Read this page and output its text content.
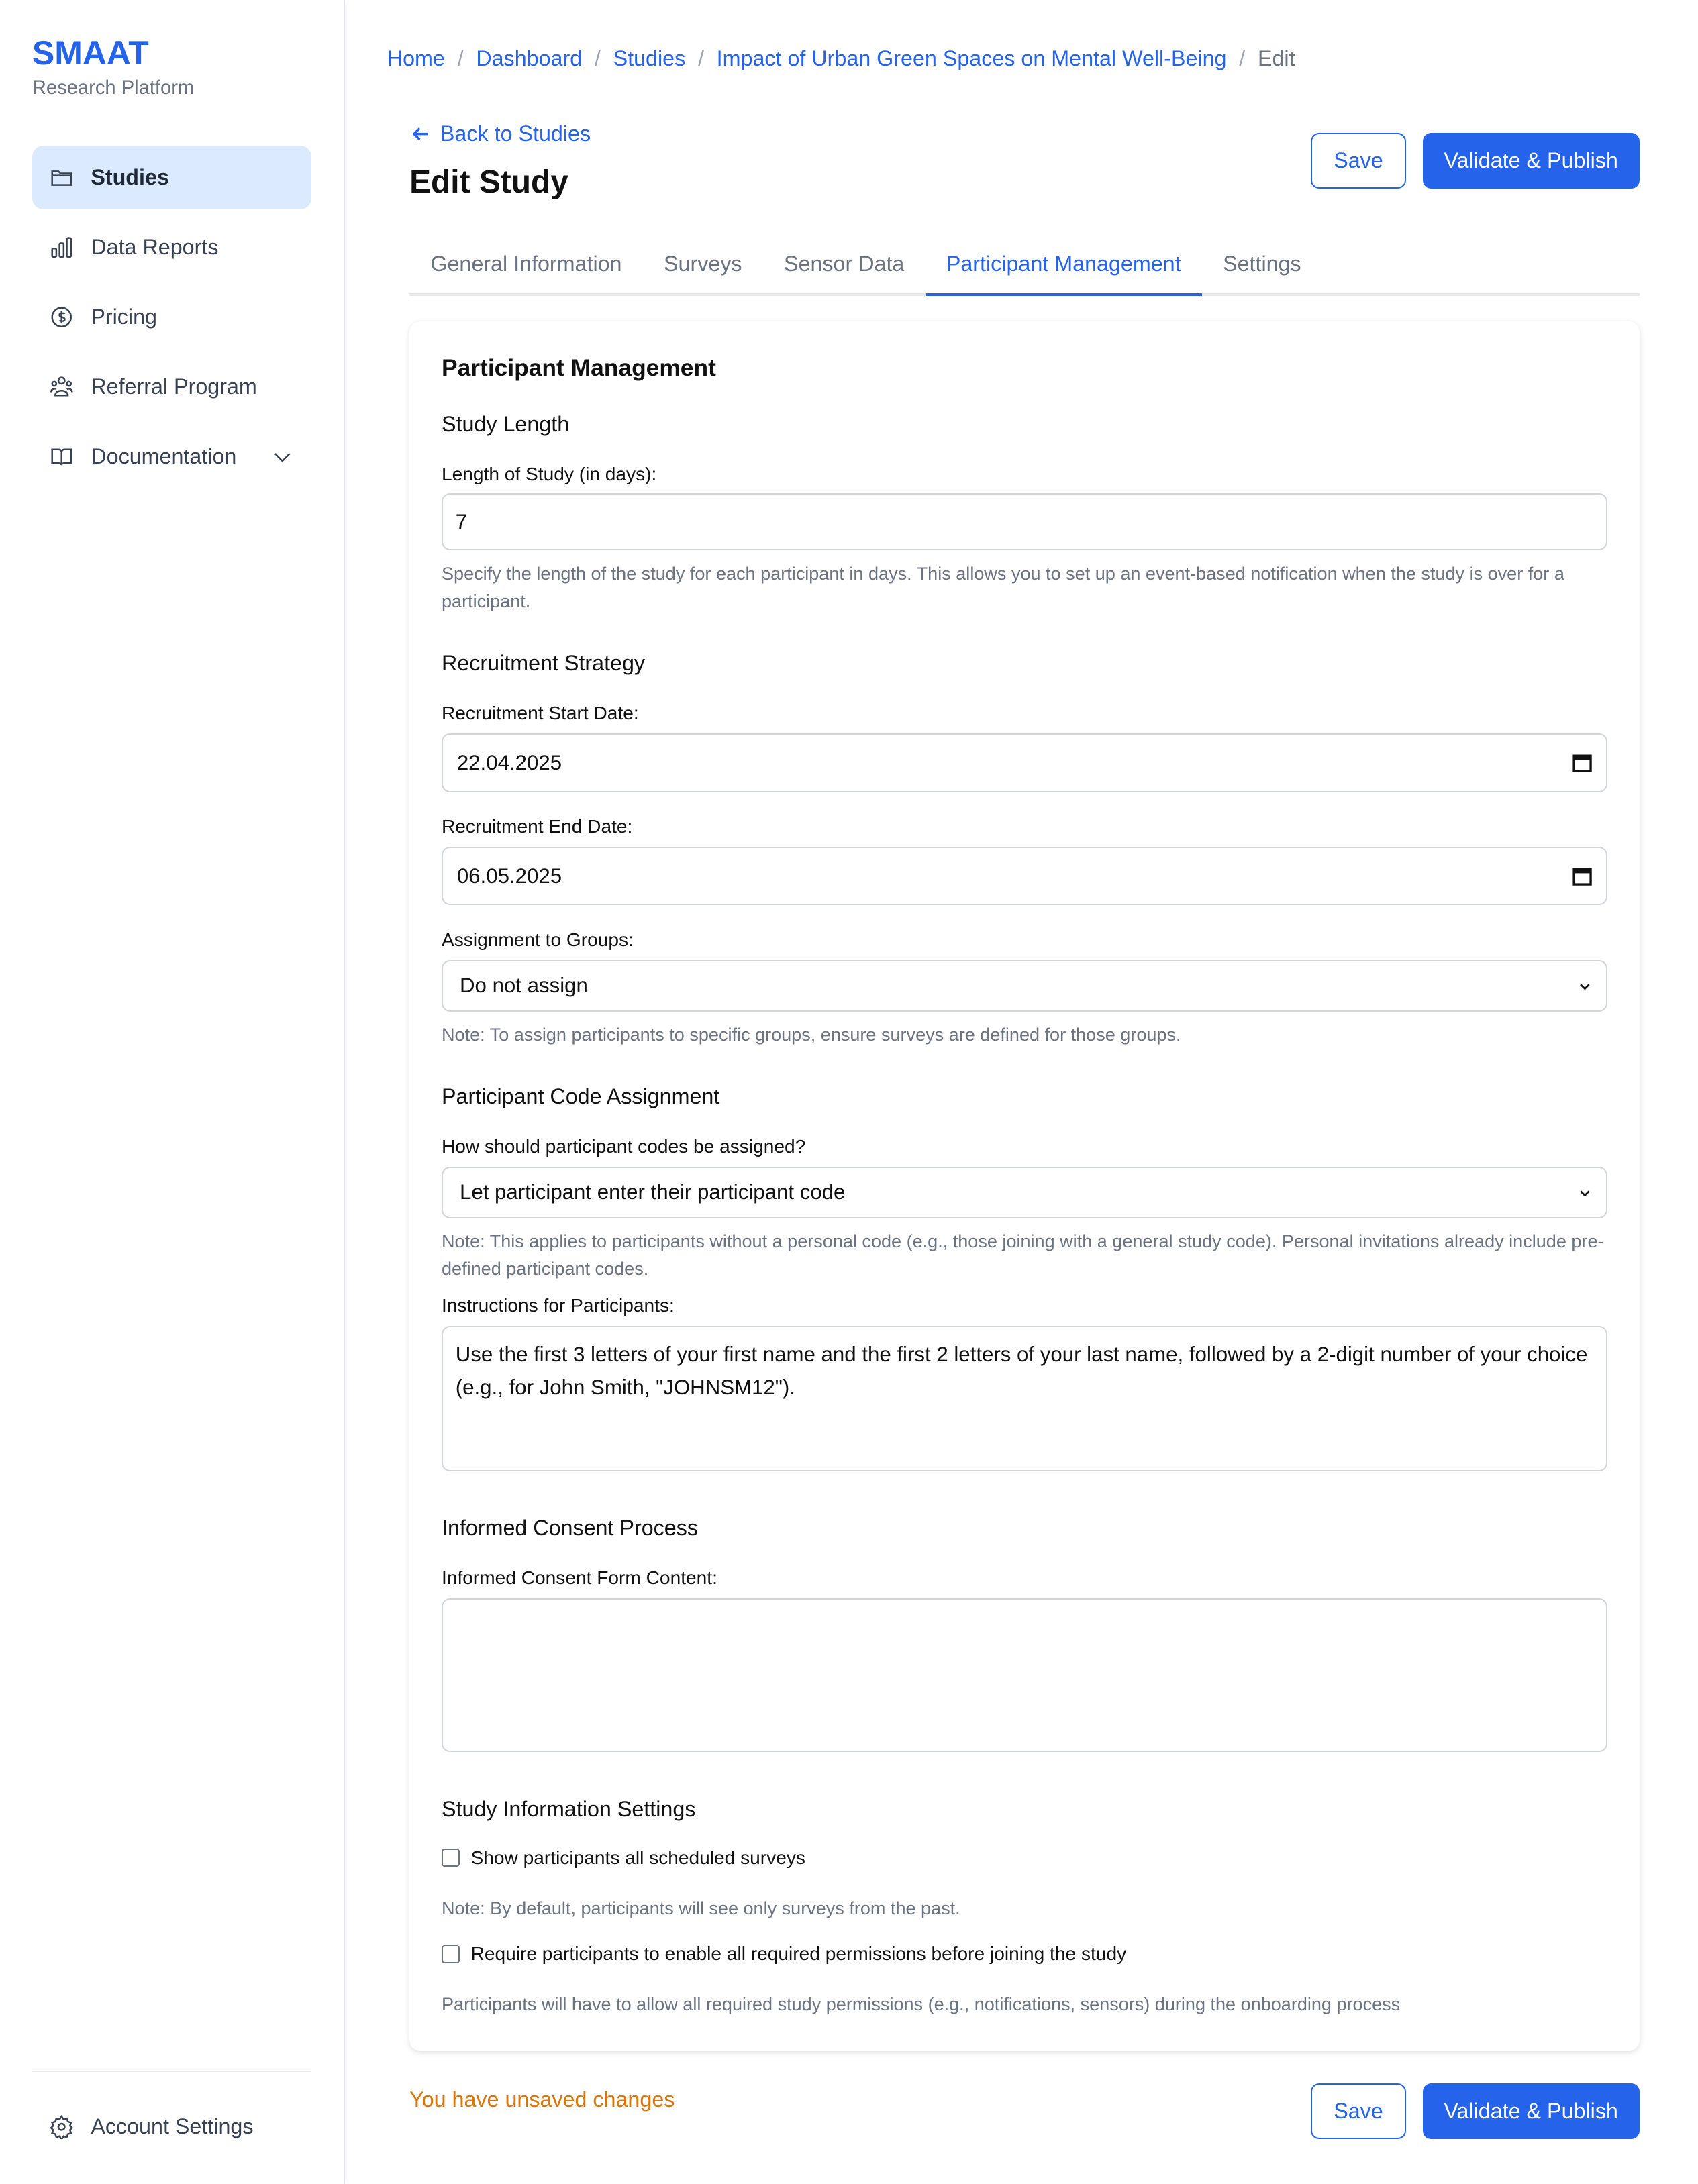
SMAAT
Research Platform
Studies
Data Reports
Pricing
Referral Program
Documentation
Account Settings
Home / Dashboard / Studies / Impact of Urban Green Spaces on Mental Well-Being / Edit
Back to Studies
Edit Study
Save	Validate & Publish
General Information	Surveys	Sensor Data	Participant Management	Settings
Participant Management
Study Length
Length of Study (in days):
7
Specify the length of the study for each participant in days. This allows you to set up an event-based notification when the study is over for a participant.
Recruitment Strategy
Recruitment Start Date:
22.04.2025
Recruitment End Date:
06.05.2025
Assignment to Groups:
Do not assign
Note: To assign participants to specific groups, ensure surveys are defined for those groups.
Participant Code Assignment
How should participant codes be assigned?
Let participant enter their participant code
Note: This applies to participants without a personal code (e.g., those joining with a general study code). Personal invitations already include pre-defined participant codes.
Instructions for Participants:
Use the first 3 letters of your first name and the first 2 letters of your last name, followed by a 2-digit number of your choice (e.g., for John Smith, "JOHNSM12").
Informed Consent Process
Informed Consent Form Content:
Study Information Settings
Show participants all scheduled surveys
Note: By default, participants will see only surveys from the past.
Require participants to enable all required permissions before joining the study
Participants will have to allow all required study permissions (e.g., notifications, sensors) during the onboarding process
You have unsaved changes	Save	Validate & Publish
